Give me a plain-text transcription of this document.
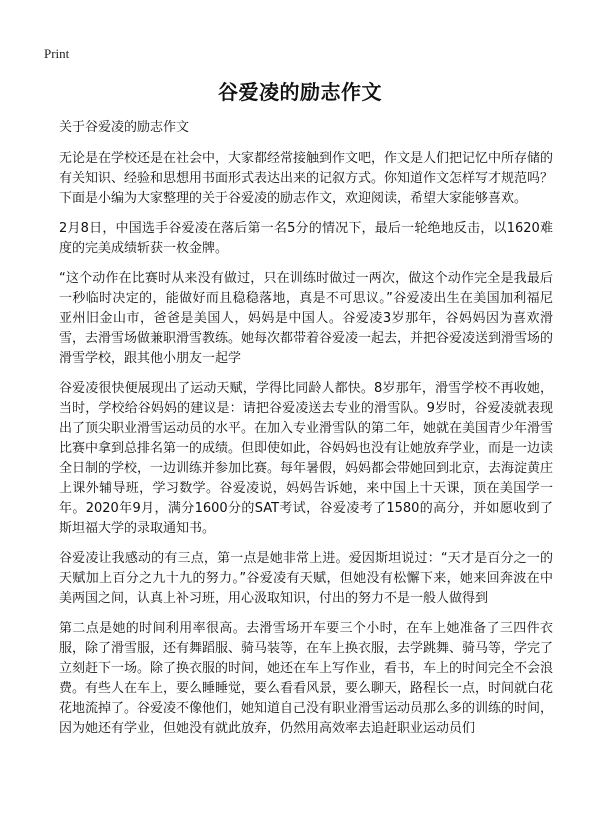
Print
谷爱凌的励志作文

关于谷爱凌的励志作文

无论是在学校还是在社会中，大家都经常接触到作文吧，作文是人们把记忆中所存储的有关知识、经验和思想用书面形式表达出来的记叙方式。你知道作文怎样写才规范吗？下面是小编为大家整理的关于谷爱凌的励志作文，欢迎阅读，希望大家能够喜欢。

2月8日，中国选手谷爱凌在落后第一名5分的情况下，最后一轮绝地反击，以1620难度的完美成绩斩获一枚金牌。

“这个动作在比赛时从来没有做过，只在训练时做过一两次，做这个动作完全是我最后一秒临时决定的，能做好而且稳稳落地，真是不可思议。”谷爱凌出生在美国加利福尼亚州旧金山市，爸爸是美国人，妈妈是中国人。谷爱凌3岁那年，谷妈妈因为喜欢滑雪，去滑雪场做兼职滑雪教练。她每次都带着谷爱凌一起去，并把谷爱凌送到滑雪场的滑雪学校，跟其他小朋友一起学

谷爱凌很快便展现出了运动天赋，学得比同龄人都快。8岁那年，滑雪学校不再收她，当时，学校给谷妈妈的建议是：请把谷爱凌送去专业的滑雪队。9岁时，谷爱凌就表现出了顶尖职业滑雪运动员的水平。在加入专业滑雪队的第二年，她就在美国青少年滑雪比赛中拿到总排名第一的成绩。但即使如此，谷妈妈也没有让她放弃学业，而是一边读全日制的学校，一边训练并参加比赛。每年暑假，妈妈都会带她回到北京，去海淀黄庄上课外辅导班，学习数学。谷爱凌说，妈妈告诉她，来中国上十天课，顶在美国学一年。2020年9月，满分1600分的SAT考试，谷爱凌考了1580的高分，并如愿收到了斯坦福大学的录取通知书。

谷爱凌让我感动的有三点，第一点是她非常上进。爱因斯坦说过：“天才是百分之一的天赋加上百分之九十九的努力。”谷爱凌有天赋，但她没有松懈下来，她来回奔波在中美两国之间，认真上补习班，用心汲取知识，付出的努力不是一般人做得到

第二点是她的时间利用率很高。去滑雪场开车要三个小时，在车上她准备了三四件衣服，除了滑雪服，还有舞蹈服、骑马装等，在车上换衣服，去学跳舞、骑马等，学完了立刻赶下一场。除了换衣服的时间，她还在车上写作业，看书，车上的时间完全不会浪费。有些人在车上，要么睡睡觉，要么看看风景，要么聊天，路程长一点，时间就白花花地流掉了。谷爱凌不像他们，她知道自己没有职业滑雪运动员那么多的训练的时间，因为她还有学业，但她没有就此放弃，仍然用高效率去追赶职业运动员们
